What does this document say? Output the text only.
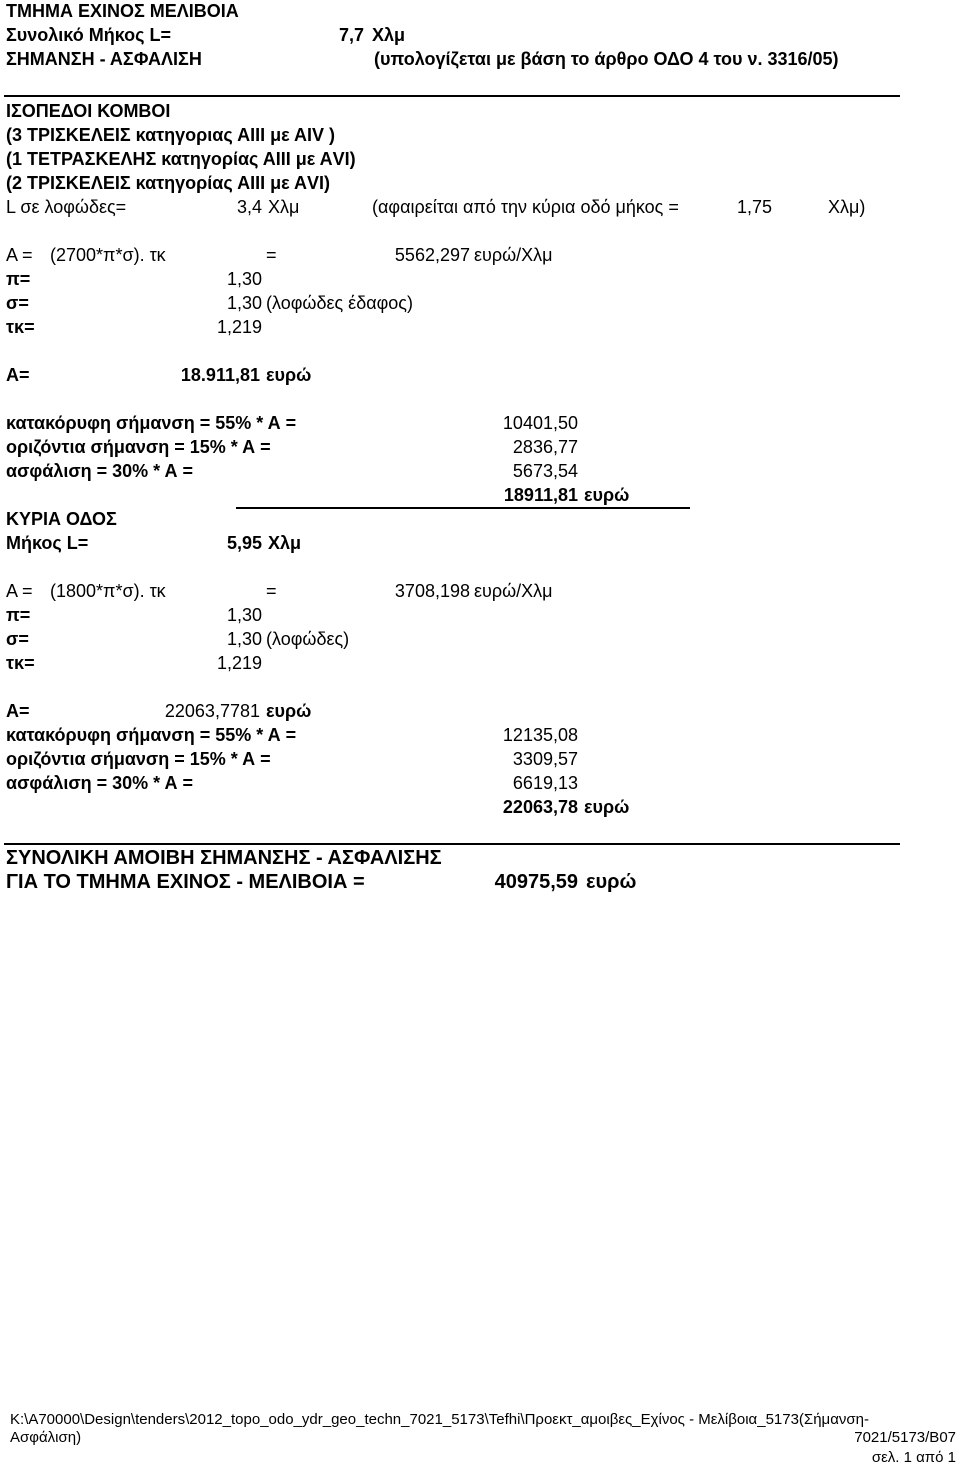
ΤΜΗΜΑ ΕΧΙΝΟΣ ΜΕΛΙΒΟΙΑ
Συνολικό Μήκος L=	7,7 Χλμ
ΣΗΜΑΝΣΗ - ΑΣΦΑΛΙΣΗ	(υπολογίζεται με βάση το άρθρο ΟΔΟ 4 του ν. 3316/05)
ΙΣΟΠΕΔΟΙ ΚΟΜΒΟΙ
(3 ΤΡΙΣΚΕΛΕΙΣ κατηγοριας ΑΙΙΙ με ΑΙV )
(1 ΤΕΤΡΑΣΚΕΛΗΣ κατηγορίας ΑΙΙΙ με ΑVI)
(2 ΤΡΙΣΚΕΛΕΙΣ κατηγορίας ΑΙΙΙ με ΑVI)
L σε λοφώδες=	3,4 Χλμ	(αφαιρείται από την κύρια οδό μήκος =	1,75	Χλμ)
Α = (2700*π*σ). τκ	=	5562,297 ευρώ/Χλμ
π=	1,30
σ=	1,30 (λοφώδες έδαφος)
τκ=	1,219
Α=	18.911,81 ευρώ
κατακόρυφη σήμανση = 55% * Α =	10401,50
οριζόντια σήμανση = 15% * Α =	2836,77
ασφάλιση = 30% * Α =	5673,54
18911,81 ευρώ
ΚΥΡΙΑ ΟΔΟΣ
Μήκος L=	5,95 Χλμ
Α = (1800*π*σ). τκ	=	3708,198 ευρώ/Χλμ
π=	1,30
σ=	1,30 (λοφώδες)
τκ=	1,219
Α=	22063,7781 ευρώ
κατακόρυφη σήμανση = 55% * Α =	12135,08
οριζόντια σήμανση = 15% * Α =	3309,57
ασφάλιση = 30% * Α =	6619,13
22063,78 ευρώ
ΣΥΝΟΛΙΚΗ ΑΜΟΙΒΗ ΣΗΜΑΝΣΗΣ - ΑΣΦΑΛΙΣΗΣ
ΓΙΑ ΤΟ ΤΜΗΜΑ ΕΧΙΝΟΣ - ΜΕΛΙΒΟΙΑ =	40975,59 ευρώ
K:\A70000\Design\tenders\2012_topo_odo_ydr_geo_techn_7021_5173\Tefhi\Προεκτ_αμοιβες_Εχίνος - Μελίβοια_5173(Σήμανση-
Ασφάλιση)	7021/5173/Β07
σελ. 1 από 1
